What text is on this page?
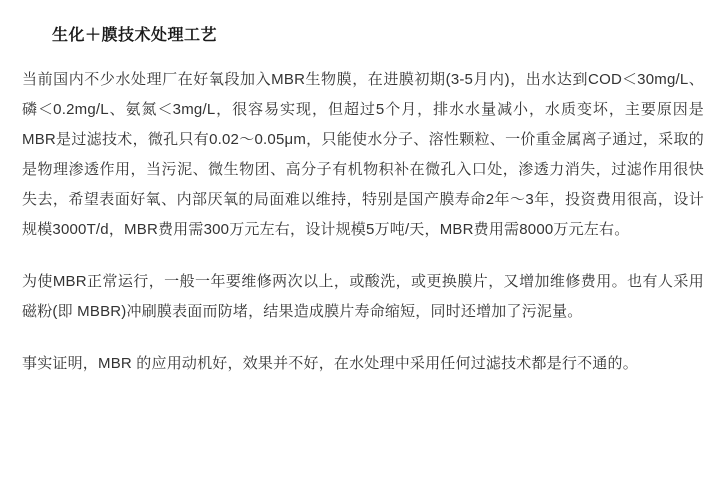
生化＋膜技术处理工艺

当前国内不少水处理厂在好氧段加入MBR生物膜，在进膜初期(3-5月内)，出水达到COD＜30mg/L、磷＜0.2mg/L、氨氮＜3mg/L，很容易实现，但超过5个月，排水水量减小，水质变坏，主要原因是MBR是过滤技术，微孔只有0.02～0.05μm，只能使水分子、溶性颗粒、一价重金属离子通过，采取的是物理渗透作用，当污泥、微生物团、高分子有机物积补在微孔入口处，渗透力消失，过滤作用很快失去，希望表面好氧、内部厌氧的局面难以维持，特别是国产膜寿命2年～3年，投资费用很高，设计规模3000T/d，MBR费用需300万元左右，设计规模5万吨/天，MBR费用需8000万元左右。

为使MBR正常运行，一般一年要维修两次以上，或酸洗，或更换膜片，又增加维修费用。也有人采用磁粉(即 MBBR)冲刷膜表面而防堵，结果造成膜片寿命缩短，同时还增加了污泥量。

事实证明，MBR 的应用动机好，效果并不好，在水处理中采用任何过滤技术都是行不通的。
